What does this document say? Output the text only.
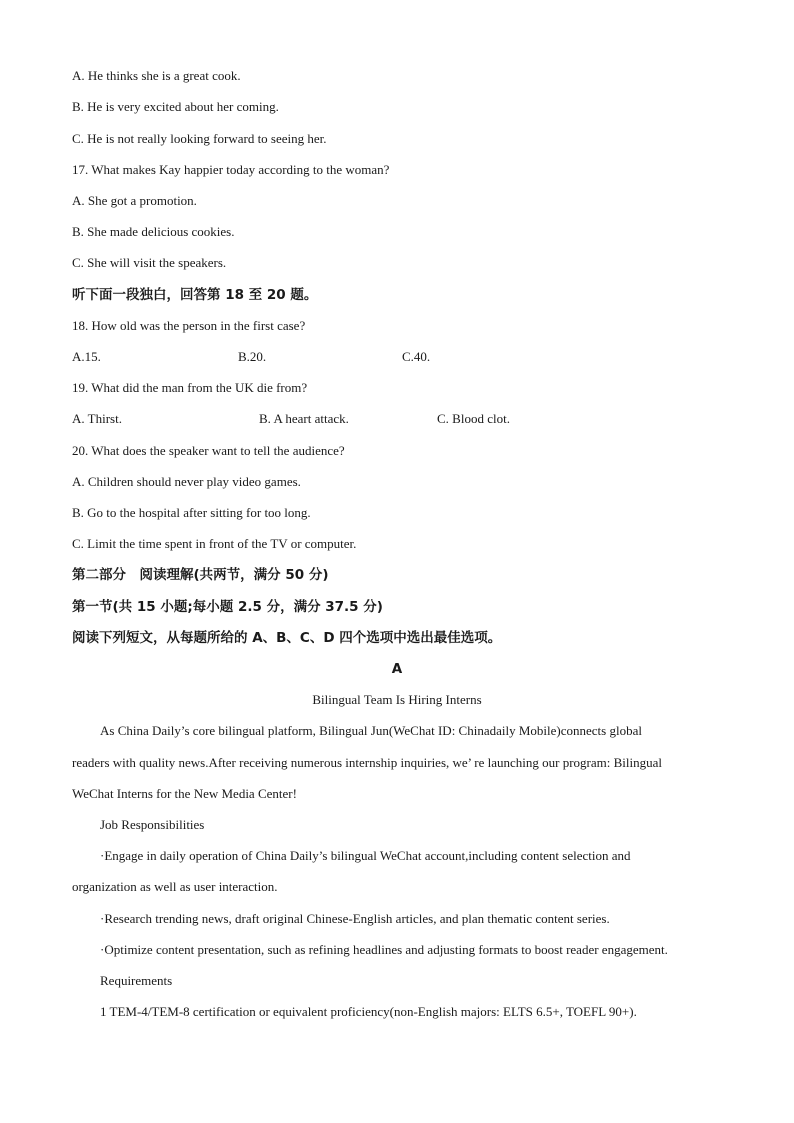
A. He thinks she is a great cook.
B. He is very excited about her coming.
C. He is not really looking forward to seeing her.
17. What makes Kay happier today according to the woman?
A. She got a promotion.
B. She made delicious cookies.
C. She will visit the speakers.
听下面一段独白，回答第 18 至 20 题。
18. How old was the person in the first case?
A.15.	B.20.	C.40.
19. What did the man from the UK die from?
A. Thirst.	B. A heart attack.	C. Blood clot.
20. What does the speaker want to tell the audience?
A. Children should never play video games.
B. Go to the hospital after sitting for too long.
C. Limit the time spent in front of the TV or computer.
第二部分　阅读理解(共两节，满分 50 分)
第一节(共 15 小题;每小题 2.5 分，满分 37.5 分)
阅读下列短文，从每题所给的 A、B、C、D 四个选项中选出最佳选项。
A
Bilingual Team Is Hiring Interns
As China Daily’s core bilingual platform, Bilingual Jun(WeChat ID: Chinadaily Mobile)connects global
readers with quality news.After receiving numerous internship inquiries, we’ re launching our program: Bilingual
WeChat Interns for the New Media Center!
Job Responsibilities
·Engage in daily operation of China Daily’s bilingual WeChat account,including content selection and
organization as well as user interaction.
·Research trending news, draft original Chinese-English articles, and plan thematic content series.
·Optimize content presentation, such as refining headlines and adjusting formats to boost reader engagement.
Requirements
1 TEM-4/TEM-8 certification or equivalent proficiency(non-English majors: ELTS 6.5+, TOEFL 90+).
